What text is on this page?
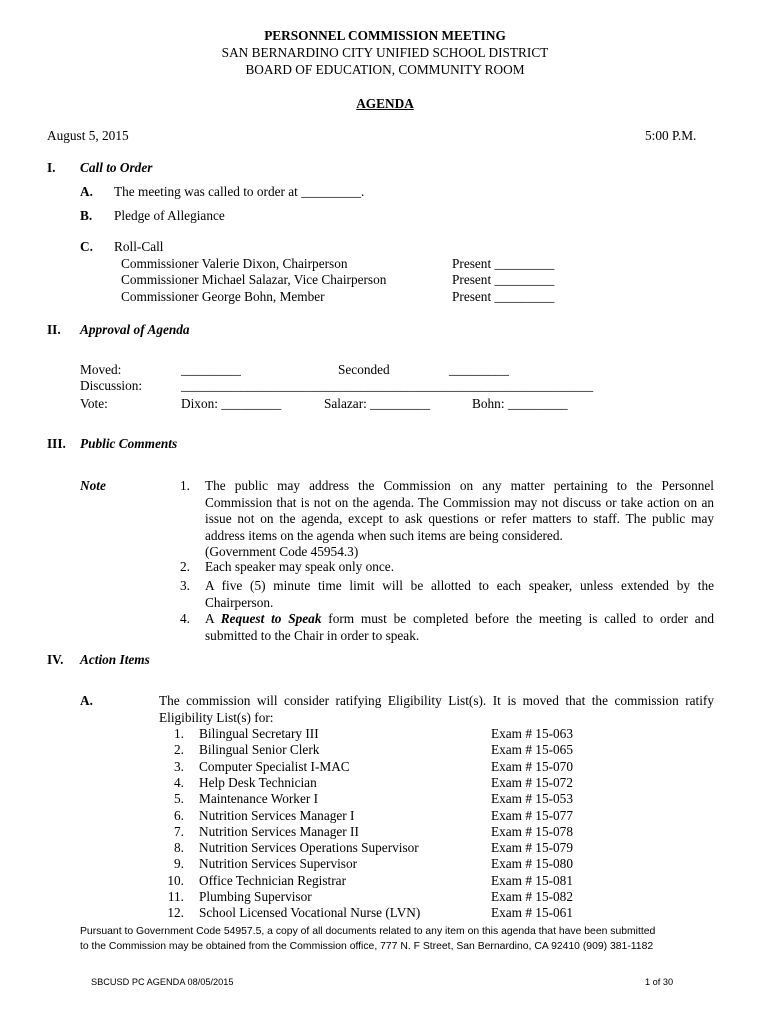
PERSONNEL COMMISSION MEETING
SAN BERNARDINO CITY UNIFIED SCHOOL DISTRICT
BOARD OF EDUCATION, COMMUNITY ROOM
AGENDA
August 5, 2015	5:00 P.M.
I. Call to Order
A. The meeting was called to order at _________.
B. Pledge of Allegiance
C. Roll-Call
Commissioner Valerie Dixon, Chairperson	Present _________
Commissioner Michael Salazar, Vice Chairperson	Present _________
Commissioner George Bohn, Member	Present _________
II. Approval of Agenda
Moved:	_________	Seconded	_________
Discussion:	______________________________________________________________
Vote:	Dixon: _________	Salazar: _________	Bohn: _________
III. Public Comments
Note	1. The public may address the Commission on any matter pertaining to the Personnel Commission that is not on the agenda. The Commission may not discuss or take action on an issue not on the agenda, except to ask questions or refer matters to staff. The public may address items on the agenda when such items are being considered.
(Government Code 45954.3)
2. Each speaker may speak only once.
3. A five (5) minute time limit will be allotted to each speaker, unless extended by the Chairperson.
4. A Request to Speak form must be completed before the meeting is called to order and submitted to the Chair in order to speak.
IV. Action Items
A.	The commission will consider ratifying Eligibility List(s). It is moved that the commission ratify Eligibility List(s) for:
1. Bilingual Secretary III	Exam # 15-063
2. Bilingual Senior Clerk	Exam # 15-065
3. Computer Specialist I-MAC	Exam # 15-070
4. Help Desk Technician	Exam # 15-072
5. Maintenance Worker I	Exam # 15-053
6. Nutrition Services Manager I	Exam # 15-077
7. Nutrition Services Manager II	Exam # 15-078
8. Nutrition Services Operations Supervisor	Exam # 15-079
9. Nutrition Services Supervisor	Exam # 15-080
10. Office Technician Registrar	Exam # 15-081
11. Plumbing Supervisor	Exam # 15-082
12. School Licensed Vocational Nurse (LVN)	Exam # 15-061
Pursuant to Government Code 54957.5, a copy of all documents related to any item on this agenda that have been submitted
to the Commission may be obtained from the Commission office, 777 N. F Street, San Bernardino, CA 92410 (909) 381-1182
SBCUSD PC AGENDA 08/05/2015	1 of 30
